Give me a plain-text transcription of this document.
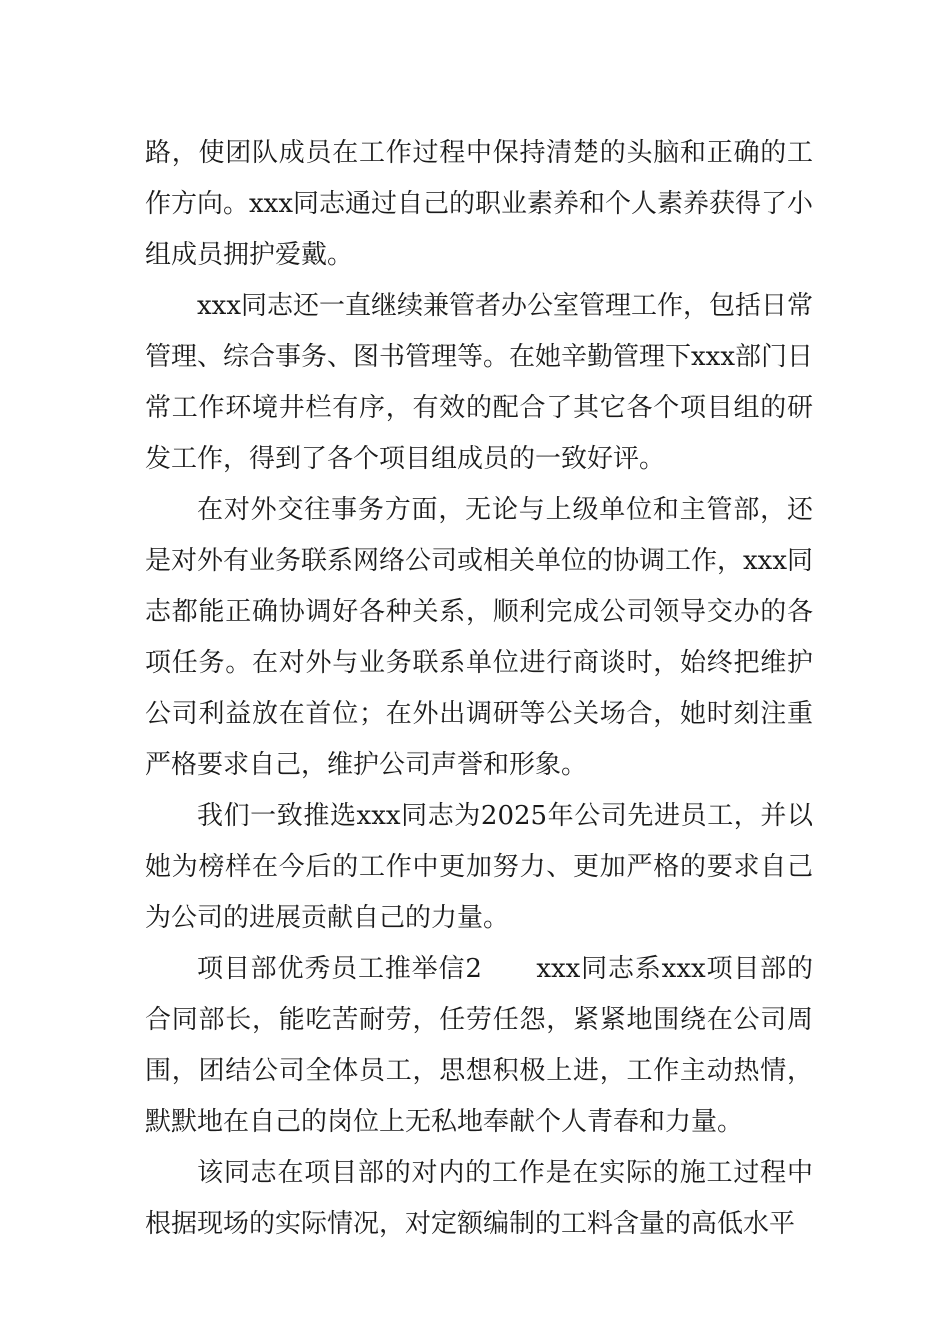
路，使团队成员在工作过程中保持清楚的头脑和正确的工作方向。xxx同志通过自己的职业素养和个人素养获得了小组成员拥护爱戴。

xxx同志还一直继续兼管者办公室管理工作，包括日常管理、综合事务、图书管理等。在她辛勤管理下xxx部门日常工作环境井栏有序，有效的配合了其它各个项目组的研发工作，得到了各个项目组成员的一致好评。

在对外交往事务方面，无论与上级单位和主管部，还是对外有业务联系网络公司或相关单位的协调工作，xxx同志都能正确协调好各种关系，顺利完成公司领导交办的各项任务。在对外与业务联系单位进行商谈时，始终把维护公司利益放在首位；在外出调研等公关场合，她时刻注重严格要求自己，维护公司声誉和形象。

我们一致推选xxx同志为2025年公司先进员工，并以她为榜样在今后的工作中更加努力、更加严格的要求自己为公司的进展贡献自己的力量。

项目部优秀员工推举信2　　xxx同志系xxx项目部的合同部长，能吃苦耐劳，任劳任怨，紧紧地围绕在公司周围，团结公司全体员工，思想积极上进，工作主动热情，默默地在自己的岗位上无私地奉献个人青春和力量。

该同志在项目部的对内的工作是在实际的施工过程中根据现场的实际情况，对定额编制的工料含量的高低水平
